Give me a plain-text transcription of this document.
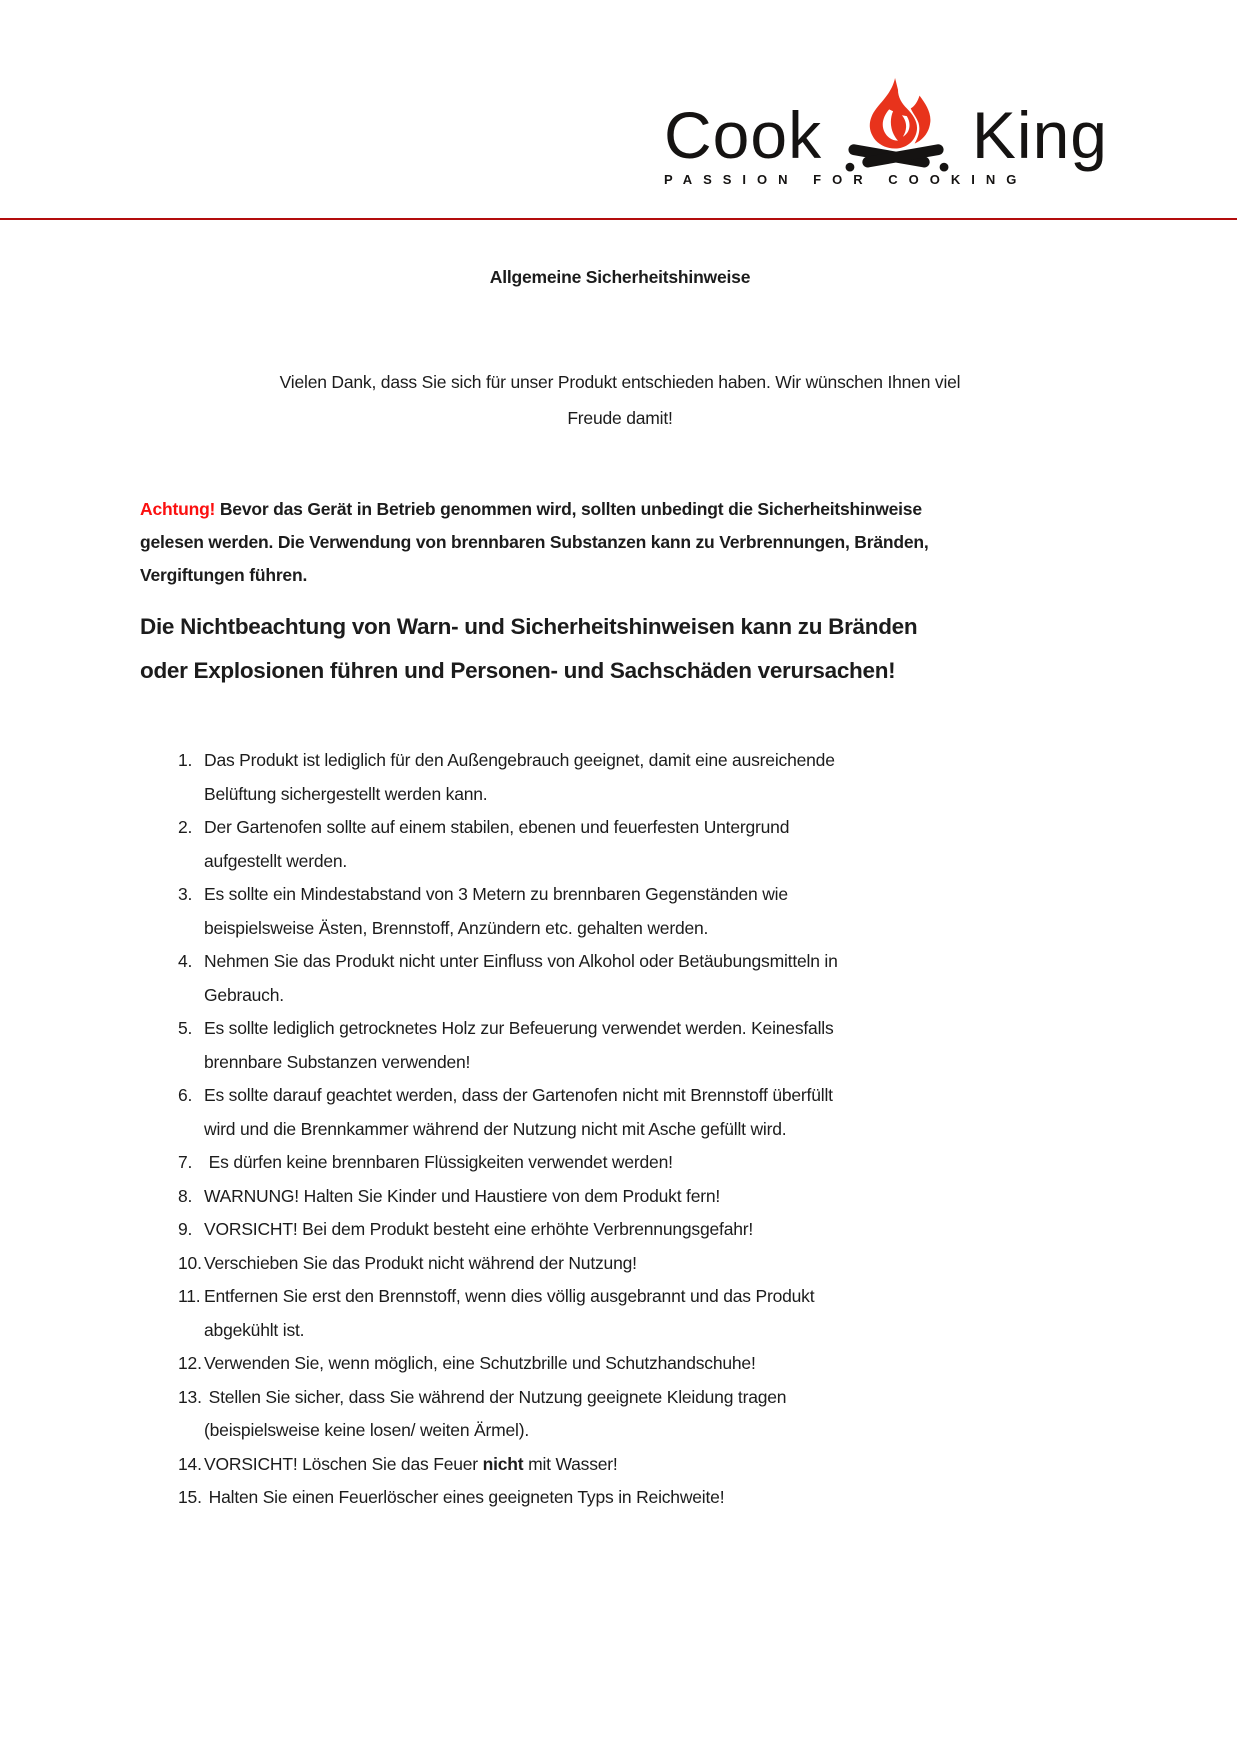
Cook King
PASSION FOR COOKING
Allgemeine Sicherheitshinweise

Vielen Dank, dass Sie sich für unser Produkt entschieden haben. Wir wünschen Ihnen viel
Freude damit!

Achtung! Bevor das Gerät in Betrieb genommen wird, sollten unbedingt die Sicherheitshinweise
gelesen werden. Die Verwendung von brennbaren Substanzen kann zu Verbrennungen, Bränden,
Vergiftungen führen.

Die Nichtbeachtung von Warn- und Sicherheitshinweisen kann zu Bränden
oder Explosionen führen und Personen- und Sachschäden verursachen!
1. Das Produkt ist lediglich für den Außengebrauch geeignet, damit eine ausreichende
Belüftung sichergestellt werden kann.
2. Der Gartenofen sollte auf einem stabilen, ebenen und feuerfesten Untergrund
aufgestellt werden.
3. Es sollte ein Mindestabstand von 3 Metern zu brennbaren Gegenständen wie
beispielsweise Ästen, Brennstoff, Anzündern etc. gehalten werden.
4. Nehmen Sie das Produkt nicht unter Einfluss von Alkohol oder Betäubungsmitteln in
Gebrauch.
5. Es sollte lediglich getrocknetes Holz zur Befeuerung verwendet werden. Keinesfalls
brennbare Substanzen verwenden!
6. Es sollte darauf geachtet werden, dass der Gartenofen nicht mit Brennstoff überfüllt
wird und die Brennkammer während der Nutzung nicht mit Asche gefüllt wird.
7. Es dürfen keine brennbaren Flüssigkeiten verwendet werden!
8. WARNUNG! Halten Sie Kinder und Haustiere von dem Produkt fern!
9. VORSICHT! Bei dem Produkt besteht eine erhöhte Verbrennungsgefahr!
10. Verschieben Sie das Produkt nicht während der Nutzung!
11. Entfernen Sie erst den Brennstoff, wenn dies völlig ausgebrannt und das Produkt
abgekühlt ist.
12. Verwenden Sie, wenn möglich, eine Schutzbrille und Schutzhandschuhe!
13. Stellen Sie sicher, dass Sie während der Nutzung geeignete Kleidung tragen
(beispielsweise keine losen/ weiten Ärmel).
14. VORSICHT! Löschen Sie das Feuer nicht mit Wasser!
15. Halten Sie einen Feuerlöscher eines geeigneten Typs in Reichweite!
